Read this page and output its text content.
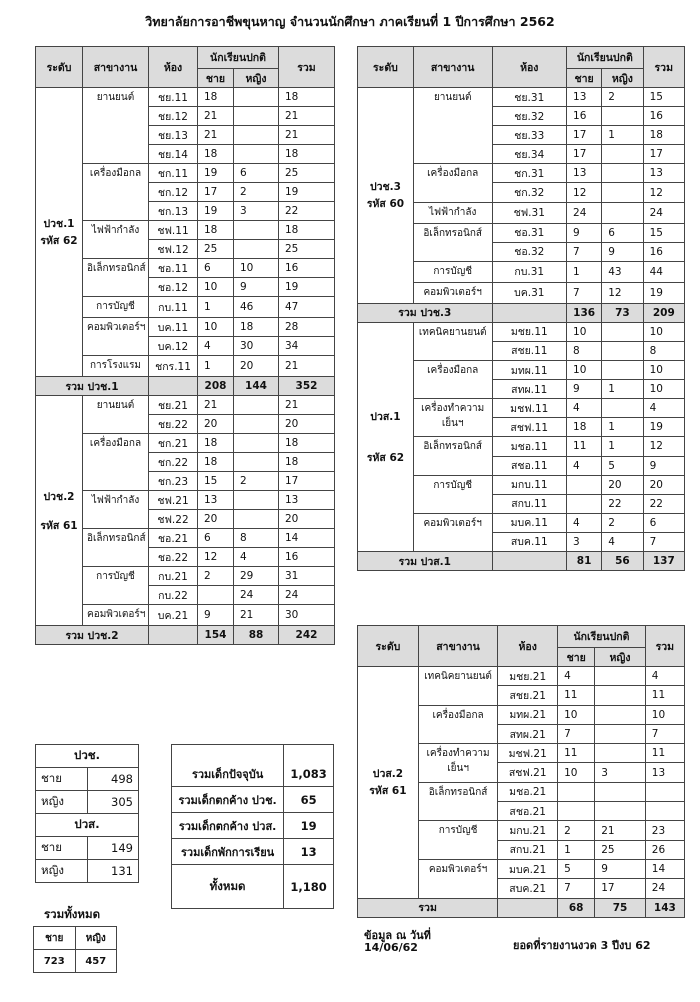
วิทยาลัยการอาชีพขุนหาญ จำนวนนักศึกษา ภาคเรียนที่ 1 ปีการศึกษา 2562
ระดับ	สาขางาน	ห้อง	นักเรียนปกติ		รวม
			ชาย	หญิง	
ปวช.1
รหัส 62	ยานยนต์	ชย.11	18		18
		ชย.12	21		21
		ชย.13	21		21
		ชย.14	18		18
	เครื่องมือกล	ชก.11	19	6	25
		ชก.12	17	2	19
		ชก.13	19	3	22
	ไฟฟ้ากำลัง	ชฟ.11	18		18
		ชฟ.12	25		25
	อิเล็กทรอนิกส์	ชอ.11	6	10	16
		ชอ.12	10	9	19
	การบัญชี	กบ.11	1	46	47
	คอมพิวเตอร์ฯ	บค.11	10	18	28
		บค.12	4	30	34
	การโรงแรม	ชกร.11	1	20	21
รวม ปวช.1			208	144	352
ปวช.2

รหัส 61	ยานยนต์	ชย.21	21		21
		ชย.22	20		20
	เครื่องมือกล	ชก.21	18		18
		ชก.22	18		18
		ชก.23	15	2	17
	ไฟฟ้ากำลัง	ชฟ.21	13		13
		ชฟ.22	20		20
	อิเล็กทรอนิกส์	ชอ.21	6	8	14
		ชอ.22	12	4	16
	การบัญชี	กบ.21	2	29	31
		กบ.22		24	24
	คอมพิวเตอร์ฯ	บค.21	9	21	30
รวม ปวช.2			154	88	242
ระดับ	สาขางาน	ห้อง	นักเรียนปกติ		รวม
			ชาย	หญิง	
ปวช.3
รหัส 60	ยานยนต์	ชย.31	13	2	15
		ชย.32	16		16
		ชย.33	17	1	18
		ชย.34	17		17
	เครื่องมือกล	ชก.31	13		13
		ชก.32	12		12
	ไฟฟ้ากำลัง	ชฟ.31	24		24
	อิเล็กทรอนิกส์	ชอ.31	9	6	15
		ชอ.32	7	9	16
	การบัญชี	กบ.31	1	43	44
	คอมพิวเตอร์ฯ	บค.31	7	12	19
รวม ปวช.3			136	73	209
ปวส.1

รหัส 62	เทคนิคยานยนต์	มชย.11	10		10
		สชย.11	8		8
	เครื่องมือกล	มทผ.11	10		10
		สทผ.11	9	1	10
	เครื่องทำความเย็นฯ	มชฟ.11	4		4
		สชฟ.11	18	1	19
	อิเล็กทรอนิกส์	มชอ.11	11	1	12
		สชอ.11	4	5	9
	การบัญชี	มกบ.11		20	20
		สกบ.11		22	22
	คอมพิวเตอร์ฯ	มบค.11	4	2	6
		สบค.11	3	4	7
รวม ปวส.1			81	56	137
ระดับ	สาขางาน	ห้อง	นักเรียนปกติ		รวม
			ชาย	หญิง	
ปวส.2
รหัส 61	เทคนิคยานยนต์	มชย.21	4		4
		สชย.21	11		11
	เครื่องมือกล	มทผ.21	10		10
		สทผ.21	7		7
	เครื่องทำความเย็นฯ	มชฟ.21	11		11
		สชฟ.21	10	3	13
	อิเล็กทรอนิกส์	มชอ.21			
		สชอ.21			
	การบัญชี	มกบ.21	2	21	23
		สกบ.21	1	25	26
	คอมพิวเตอร์ฯ	มบค.21	5	9	14
		สบค.21	7	17	24
รวม			68	75	143
ปวช.	
ชาย	498
หญิง	305
ปวส.	
ชาย	149
หญิง	131
รวมทั้งหมด
ชาย	หญิง
723	457

รวมเด็กปัจจุบัน	1,083
รวมเด็กตกค้าง ปวช.	65
รวมเด็กตกค้าง ปวส.	19
รวมเด็กพักการเรียน	13
ทั้งหมด	1,180
ข้อมูล ณ วันที่
14/06/62	ยอดที่รายงานงวด 3 ปีงบ 62
